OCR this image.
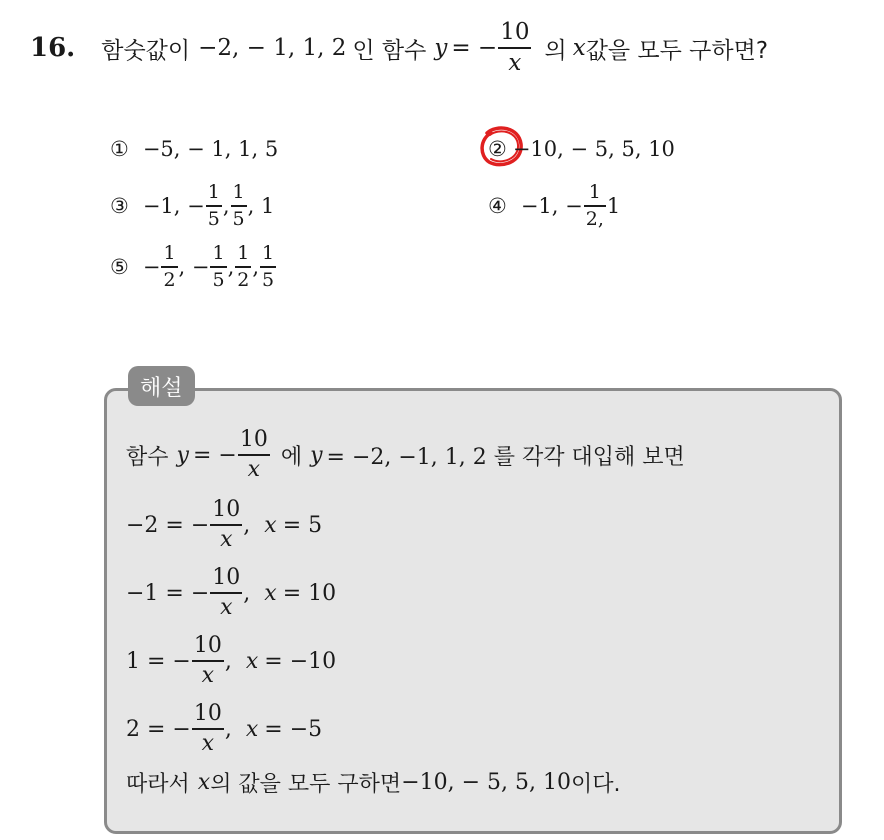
16. 함숫값이 −2, − 1, 1, 2 인 함수 y = − $\frac{10}{x}$ 의 x 값을 모두 구하면?
① −5, − 1, 1, 5	② −10, − 5, 5, 10
③ −1, − $\frac{1}{5}$ , $\frac{1}{5}$ , 1	④ −1, − $\frac{1}{2,} 1$
⑤ − $\frac{1}{2}$ , − $\frac{1}{5}$ , $\frac{1}{2}$ , $\frac{1}{5}$
해설
함수 y = − $\frac{10}{x}$ 에 y = −2, −1, 1, 2 를 각각 대입해 보면
−2 = − $\frac{10}{x}$ , x = 5
−1 = − $\frac{10}{x}$ , x = 10
1 = − $\frac{10}{x}$ , x = −10
2 = − $\frac{10}{x}$ , x = −5
따라서 x 의 값을 모두 구하면 −10, − 5, 5, 10 이다.
